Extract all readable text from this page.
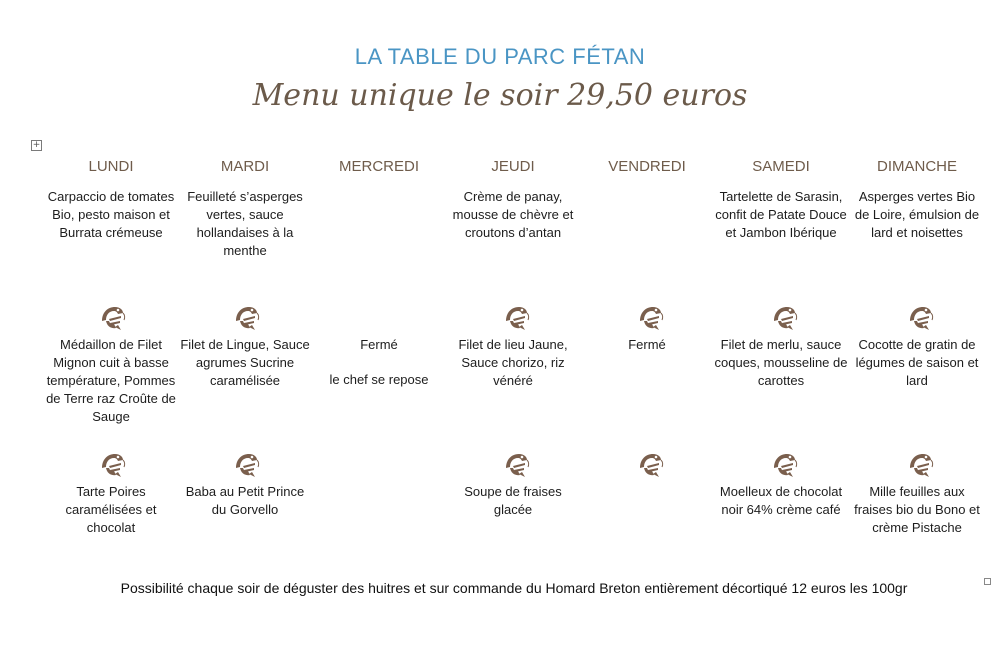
LA TABLE DU PARC FÉTAN
Menu unique le soir 29,50 euros
+
LUNDI
Carpaccio de tomates Bio, pesto maison et Burrata crémeuse
Médaillon de Filet Mignon cuit à basse température, Pommes de Terre raz Croûte de Sauge
Tarte Poires caramélisées et chocolat
MARDI
Feuilleté s’asperges vertes, sauce hollandaises à la menthe
Filet de Lingue, Sauce agrumes Sucrine caramélisée
Baba au Petit Prince du Gorvello
MERCREDI
Fermé
le chef se repose
JEUDI
Crème de panay, mousse de chèvre et croutons d’antan
Filet de lieu Jaune, Sauce chorizo, riz vénéré
Soupe de fraises glacée
VENDREDI
Fermé
SAMEDI
Tartelette de Sarasin, confit de Patate Douce et Jambon Ibérique
Filet de merlu, sauce coques, mousseline de carottes
Moelleux de chocolat noir 64% crème café
DIMANCHE
Asperges vertes Bio de Loire, émulsion de lard et noisettes
Cocotte de gratin de légumes de saison et lard
Mille feuilles aux fraises bio du Bono et crème Pistache
Possibilité chaque soir de déguster des huitres et sur commande du Homard Breton entièrement décortiqué 12 euros les 100gr
